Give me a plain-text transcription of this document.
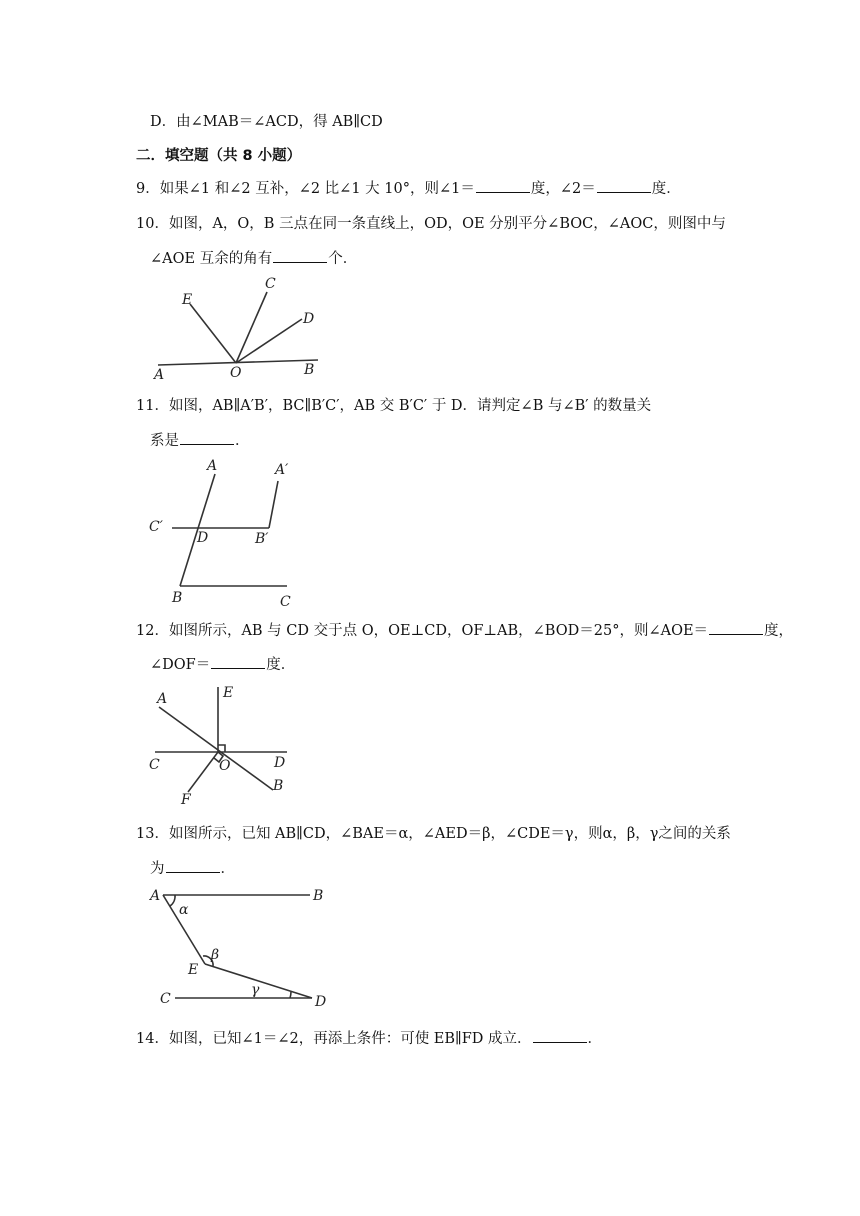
D．由∠MAB＝∠ACD，得 AB∥CD
二．填空题（共 8 小题）
9．如果∠1 和∠2 互补，∠2 比∠1 大 10°，则∠1＝	度，∠2＝	度．
10．如图，A，O，B 三点在同一条直线上，OD，OE 分别平分∠BOC，∠AOC，则图中与
∠AOE 互余的角有	个．
E
C
D
A	O	B
11．如图，AB∥A′B′，BC∥B′C′，AB 交 B′C′ 于 D．请判定∠B 与∠B′ 的数量关
系是	．
A	A′
C′
D	B′
B	C
12．如图所示，AB 与 CD 交于点 O，OE⊥CD，OF⊥AB，∠BOD＝25°，则∠AOE＝	度，
∠DOF＝	度．
A	E
C	O	D
F
B
13．如图所示，已知 AB∥CD，∠BAE＝α，∠AED＝β，∠CDE＝γ，则α，β，γ之间的关系
为	．
A	B
α
β
E
γ
C	D
14．如图，已知∠1＝∠2，再添上条件：可使 EB∥FD 成立．	．
